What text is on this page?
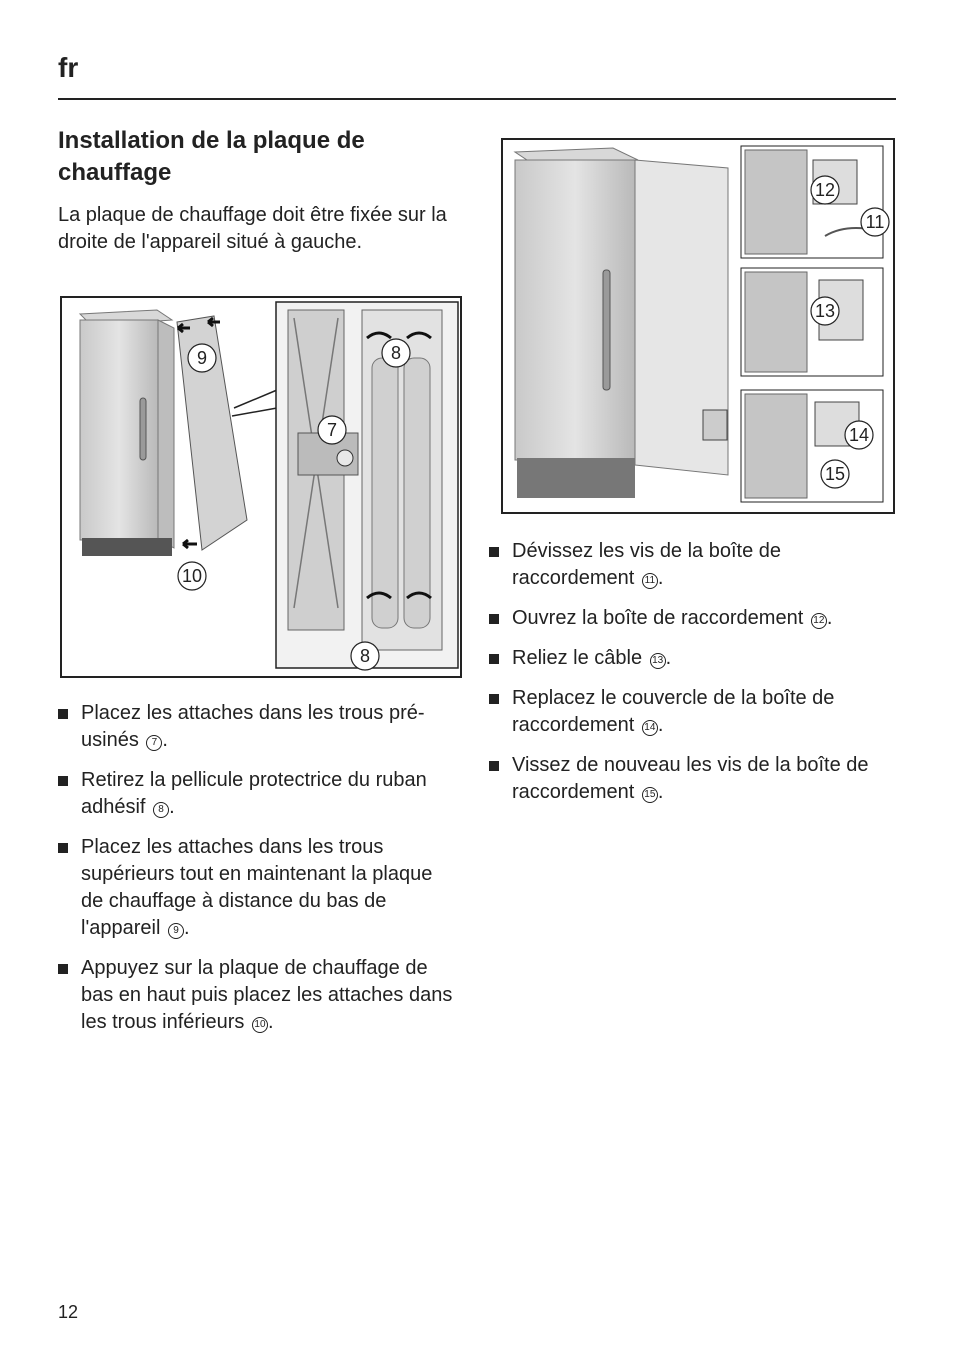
fr
Installation de la plaque de chauffage

La plaque de chauffage doit être fixée sur la droite de l'appareil situé à gauche.

9
10
7
8
8
12
11
13
14
15
Placez les attaches dans les trous pré-usinés 7 .
Retirez la pellicule protectrice du ruban adhésif 8 .
Placez les attaches dans les trous supérieurs tout en maintenant la plaque de chauffage à distance du bas de l'appareil 9 .
Appuyez sur la plaque de chauffage de bas en haut puis placez les attaches dans les trous inférieurs 10 .
Dévissez les vis de la boîte de raccordement 11 .
Ouvrez la boîte de raccordement 12 .
Reliez le câble 13 .
Replacez le couvercle de la boîte de raccordement 14 .
Vissez de nouveau les vis de la boîte de raccordement 15 .
12
